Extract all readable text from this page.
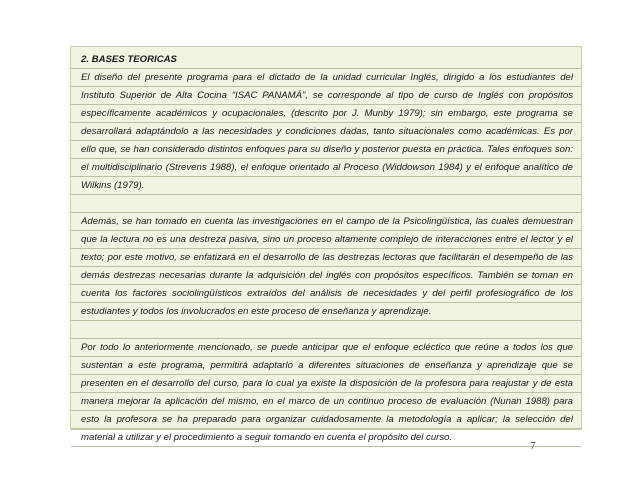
2. BASES TEORICAS
El diseño del presente programa para el dictado de la unidad curricular Inglés, dirigido a los estudiantes del
Instituto Superior de Alta Cocina “ISAC PANAMÁ”, se corresponde al tipo de curso de Inglés con propósitos
específicamente académicos y ocupacionales, (descrito por J. Munby 1979); sin embargo, este programa se
desarrollará adaptándolo a las necesidades y condiciones dadas, tanto situacionales como académicas. Es por
ello que, se han considerado distintos enfoques para su diseño y posterior puesta en práctica. Tales enfoques son:
el multidisciplinario (Strevens 1988), el enfoque orientado al Proceso (Widdowson 1984) y el enfoque analítico de
Wilkins (1979).
Además, se han tomado en cuenta las investigaciones en el campo de la Psicolingüística, las cuales demuestran
que la lectura no es una destreza pasiva, sino un proceso altamente complejo de interacciones entre el lector y el
texto; por este motivo, se enfatizará en el desarrollo de las destrezas lectoras que facilitarán el desempeño de las
demás destrezas necesarias durante la adquisición del inglés con propósitos específicos. También se toman en
cuenta los factores sociolingüísticos extraídos del análisis de necesidades y del perfil profesiográfico de los
estudiantes y todos los involucrados en este proceso de enseñanza y aprendizaje.
Por todo lo anteriormente mencionado, se puede anticipar que el enfoque ecléctico que reúne a todos los que
sustentan a este programa, permitirá adaptarlo a diferentes situaciones de enseñanza y aprendizaje que se
presenten en el desarrollo del curso, para lo cual ya existe la disposición de la profesora para reajustar y de esta
manera mejorar la aplicación del mismo, en el marco de un continuo proceso de evaluación (Nunan 1988) para
esto la profesora se ha preparado para organizar cuidadosamente la metodología a aplicar; la selección del
material a utilizar y el procedimiento a seguir tomando en cuenta el propósito del curso.
7
